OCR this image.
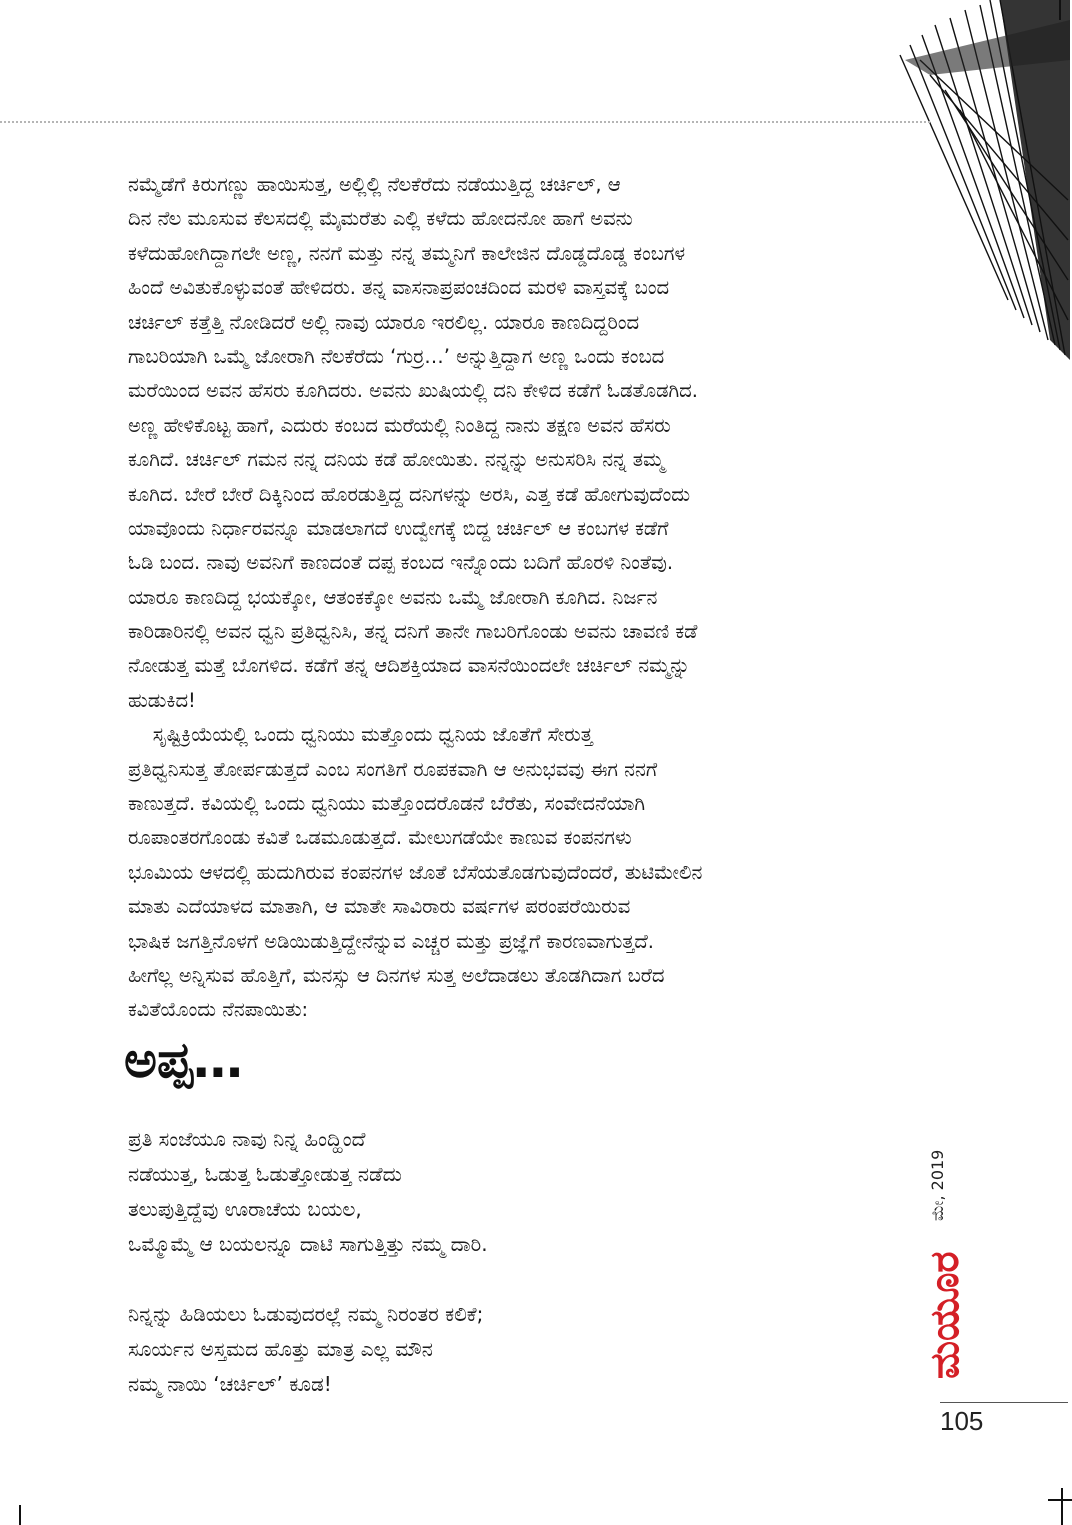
ನಮ್ಮೆಡೆಗೆ ಕಿರುಗಣ್ಣು ಹಾಯಿಸುತ್ತ, ಅಲ್ಲಿಲ್ಲಿ ನೆಲಕೆರೆದು ನಡೆಯುತ್ತಿದ್ದ ಚರ್ಚಿಲ್, ಆ
ದಿನ ನೆಲ ಮೂಸುವ ಕೆಲಸದಲ್ಲಿ ಮೈಮರೆತು ಎಲ್ಲಿ ಕಳೆದು ಹೋದನೋ ಹಾಗೆ ಅವನು
ಕಳೆದುಹೋಗಿದ್ದಾಗಲೇ ಅಣ್ಣ, ನನಗೆ ಮತ್ತು ನನ್ನ ತಮ್ಮನಿಗೆ ಕಾಲೇಜಿನ ದೊಡ್ಡದೊಡ್ಡ ಕಂಬಗಳ
ಹಿಂದೆ ಅವಿತುಕೊಳ್ಳುವಂತೆ ಹೇಳಿದರು. ತನ್ನ ವಾಸನಾಪ್ರಪಂಚದಿಂದ ಮರಳಿ ವಾಸ್ತವಕ್ಕೆ ಬಂದ
ಚರ್ಚಿಲ್ ಕತ್ತೆತ್ತಿ ನೋಡಿದರೆ ಅಲ್ಲಿ ನಾವು ಯಾರೂ ಇರಲಿಲ್ಲ. ಯಾರೂ ಕಾಣದಿದ್ದರಿಂದ
ಗಾಬರಿಯಾಗಿ ಒಮ್ಮೆ ಜೋರಾಗಿ ನೆಲಕೆರೆದು ‘ಗುರ್ರ…’ ಅನ್ನುತ್ತಿದ್ದಾಗ ಅಣ್ಣ ಒಂದು ಕಂಬದ
ಮರೆಯಿಂದ ಅವನ ಹೆಸರು ಕೂಗಿದರು. ಅವನು ಖುಷಿಯಲ್ಲಿ ದನಿ ಕೇಳಿದ ಕಡೆಗೆ ಓಡತೊಡಗಿದ.
ಅಣ್ಣ ಹೇಳಿಕೊಟ್ಟ ಹಾಗೆ, ಎದುರು ಕಂಬದ ಮರೆಯಲ್ಲಿ ನಿಂತಿದ್ದ ನಾನು ತಕ್ಷಣ ಅವನ ಹೆಸರು
ಕೂಗಿದೆ. ಚರ್ಚಿಲ್ ಗಮನ ನನ್ನ ದನಿಯ ಕಡೆ ಹೋಯಿತು. ನನ್ನನ್ನು ಅನುಸರಿಸಿ ನನ್ನ ತಮ್ಮ
ಕೂಗಿದ. ಬೇರೆ ಬೇರೆ ದಿಕ್ಕಿನಿಂದ ಹೊರಡುತ್ತಿದ್ದ ದನಿಗಳನ್ನು ಅರಸಿ, ಎತ್ತ ಕಡೆ ಹೋಗುವುದೆಂದು
ಯಾವೊಂದು ನಿರ್ಧಾರವನ್ನೂ ಮಾಡಲಾಗದೆ ಉದ್ವೇಗಕ್ಕೆ ಬಿದ್ದ ಚರ್ಚಿಲ್ ಆ ಕಂಬಗಳ ಕಡೆಗೆ
ಓಡಿ ಬಂದ. ನಾವು ಅವನಿಗೆ ಕಾಣದಂತೆ ದಪ್ಪ ಕಂಬದ ಇನ್ನೊಂದು ಬದಿಗೆ ಹೊರಳಿ ನಿಂತೆವು.
ಯಾರೂ ಕಾಣದಿದ್ದ ಭಯಕ್ಕೋ, ಆತಂಕಕ್ಕೋ ಅವನು ಒಮ್ಮೆ ಜೋರಾಗಿ ಕೂಗಿದ. ನಿರ್ಜನ
ಕಾರಿಡಾರಿನಲ್ಲಿ ಅವನ ಧ್ವನಿ ಪ್ರತಿಧ್ವನಿಸಿ, ತನ್ನ ದನಿಗೆ ತಾನೇ ಗಾಬರಿಗೊಂಡು ಅವನು ಚಾವಣಿ ಕಡೆ
ನೋಡುತ್ತ ಮತ್ತೆ ಬೊಗಳಿದ. ಕಡೆಗೆ ತನ್ನ ಆದಿಶಕ್ತಿಯಾದ ವಾಸನೆಯಿಂದಲೇ ಚರ್ಚಿಲ್ ನಮ್ಮನ್ನು
ಹುಡುಕಿದ!
ಸೃಷ್ಟಿಕ್ರಿಯೆಯಲ್ಲಿ ಒಂದು ಧ್ವನಿಯು ಮತ್ತೊಂದು ಧ್ವನಿಯ ಜೊತೆಗೆ ಸೇರುತ್ತ
ಪ್ರತಿಧ್ವನಿಸುತ್ತ ತೋರ್ಪಡುತ್ತದೆ ಎಂಬ ಸಂಗತಿಗೆ ರೂಪಕವಾಗಿ ಆ ಅನುಭವವು ಈಗ ನನಗೆ
ಕಾಣುತ್ತದೆ. ಕವಿಯಲ್ಲಿ ಒಂದು ಧ್ವನಿಯು ಮತ್ತೊಂದರೊಡನೆ ಬೆರೆತು, ಸಂವೇದನೆಯಾಗಿ
ರೂಪಾಂತರಗೊಂಡು ಕವಿತೆ ಒಡಮೂಡುತ್ತದೆ. ಮೇಲುಗಡೆಯೇ ಕಾಣುವ ಕಂಪನಗಳು
ಭೂಮಿಯ ಆಳದಲ್ಲಿ ಹುದುಗಿರುವ ಕಂಪನಗಳ ಜೊತೆ ಬೆಸೆಯತೊಡಗುವುದೆಂದರೆ, ತುಟಿಮೇಲಿನ
ಮಾತು ಎದೆಯಾಳದ ಮಾತಾಗಿ, ಆ ಮಾತೇ ಸಾವಿರಾರು ವರ್ಷಗಳ ಪರಂಪರೆಯಿರುವ
ಭಾಷಿಕ ಜಗತ್ತಿನೊಳಗೆ ಅಡಿಯಿಡುತ್ತಿದ್ದೇನೆನ್ನುವ ಎಚ್ಚರ ಮತ್ತು ಪ್ರಜ್ಞೆಗೆ ಕಾರಣವಾಗುತ್ತದೆ.
ಹೀಗೆಲ್ಲ ಅನ್ನಿಸುವ ಹೊತ್ತಿಗೆ, ಮನಸ್ಸು ಆ ದಿನಗಳ ಸುತ್ತ ಅಲೆದಾಡಲು ತೊಡಗಿದಾಗ ಬರೆದ
ಕವಿತೆಯೊಂದು ನೆನಪಾಯಿತು:
ಅಪ್ಪ…
ಪ್ರತಿ ಸಂಜೆಯೂ ನಾವು ನಿನ್ನ ಹಿಂದ್ಹಿಂದೆ
ನಡೆಯುತ್ತ, ಓಡುತ್ತ ಓಡುತ್ತೋಡುತ್ತ ನಡೆದು
ತಲುಪುತ್ತಿದ್ದೆವು ಊರಾಚೆಯ ಬಯಲ,
ಒಮ್ಮೊಮ್ಮೆ ಆ ಬಯಲನ್ನೂ ದಾಟಿ ಸಾಗುತ್ತಿತ್ತು ನಮ್ಮ ದಾರಿ.
ನಿನ್ನನ್ನು ಹಿಡಿಯಲು ಓಡುವುದರಲ್ಲೆ ನಮ್ಮ ನಿರಂತರ ಕಲಿಕೆ;
ಸೂರ್ಯನ ಅಸ್ತಮದ ಹೊತ್ತು ಮಾತ್ರ ಎಲ್ಲ ಮೌನ
ನಮ್ಮ ನಾಯಿ ‘ಚರ್ಚಿಲ್’ ಕೂಡ!
ಮೇ, 2019
ಮಯೂರ
105
